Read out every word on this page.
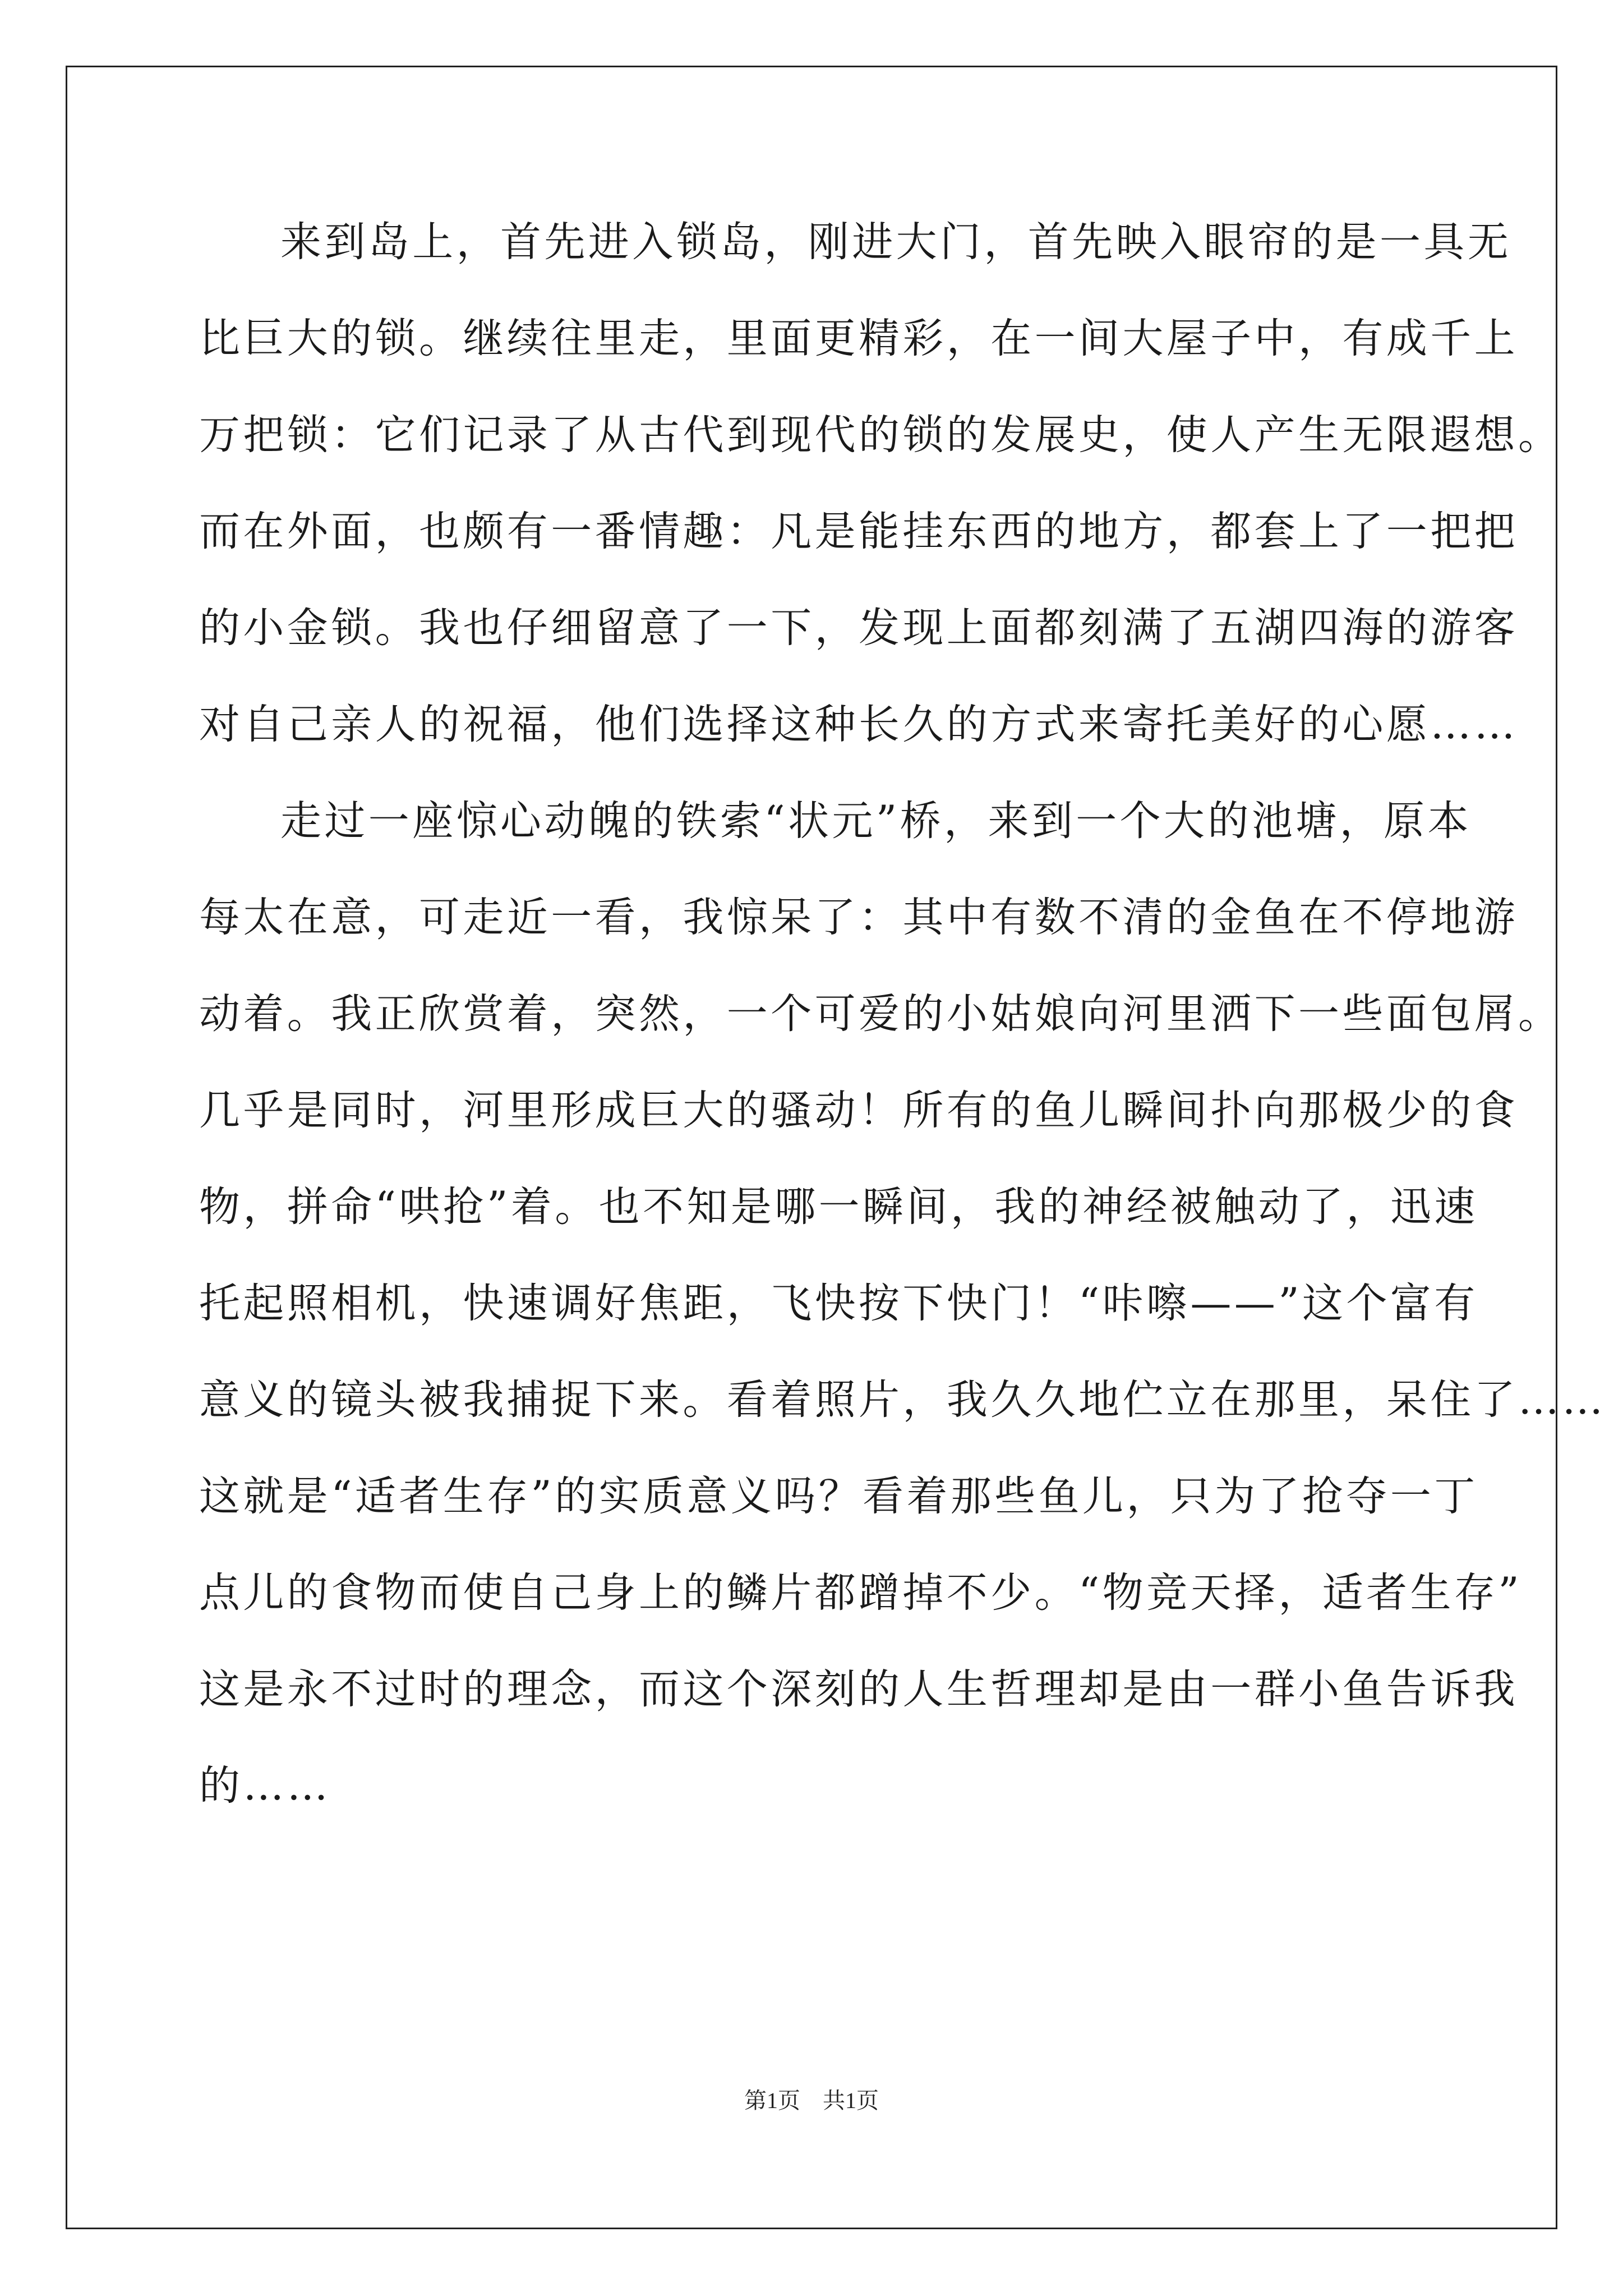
来到岛上，首先进入锁岛，刚进大门，首先映入眼帘的是一具无
比巨大的锁。继续往里走，里面更精彩，在一间大屋子中，有成千上
万把锁：它们记录了从古代到现代的锁的发展史，使人产生无限遐想。
而在外面，也颇有一番情趣：凡是能挂东西的地方，都套上了一把把
的小金锁。我也仔细留意了一下，发现上面都刻满了五湖四海的游客
对自己亲人的祝福，他们选择这种长久的方式来寄托美好的心愿……
走过一座惊心动魄的铁索“状元”桥，来到一个大的池塘，原本
每太在意，可走近一看，我惊呆了：其中有数不清的金鱼在不停地游
动着。我正欣赏着，突然，一个可爱的小姑娘向河里洒下一些面包屑。
几乎是同时，河里形成巨大的骚动！所有的鱼儿瞬间扑向那极少的食
物，拼命“哄抢”着。也不知是哪一瞬间，我的神经被触动了，迅速
托起照相机，快速调好焦距，飞快按下快门！“咔嚓——”这个富有
意义的镜头被我捕捉下来。看着照片，我久久地伫立在那里，呆住了……
这就是“适者生存”的实质意义吗？看着那些鱼儿，只为了抢夺一丁
点儿的食物而使自己身上的鳞片都蹭掉不少。“物竞天择，适者生存”
这是永不过时的理念，而这个深刻的人生哲理却是由一群小鱼告诉我
的……
第1页　共1页
